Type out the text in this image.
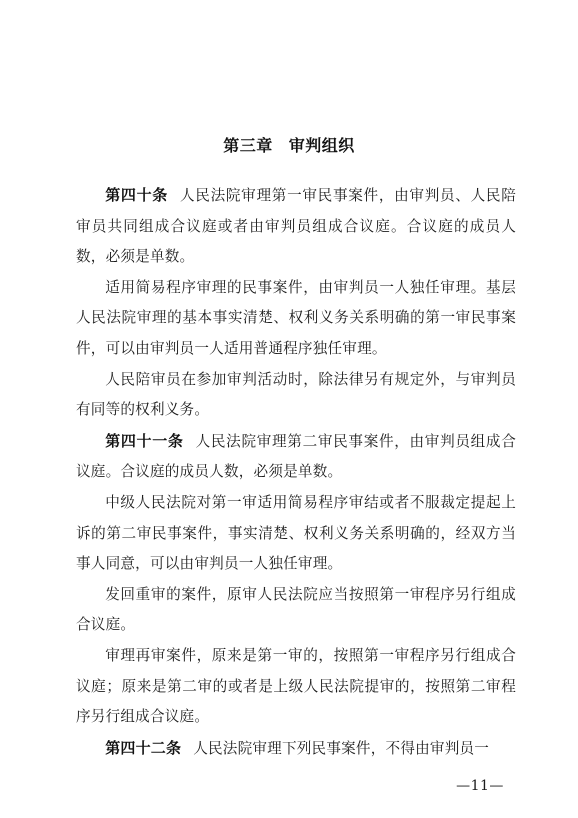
第三章 审判组织

第四十条 人民法院审理第一审民事案件，由审判员、人民陪审员共同组成合议庭或者由审判员组成合议庭。合议庭的成员人数，必须是单数。

适用简易程序审理的民事案件，由审判员一人独任审理。基层人民法院审理的基本事实清楚、权利义务关系明确的第一审民事案件，可以由审判员一人适用普通程序独任审理。

人民陪审员在参加审判活动时，除法律另有规定外，与审判员有同等的权利义务。

第四十一条 人民法院审理第二审民事案件，由审判员组成合议庭。合议庭的成员人数，必须是单数。

中级人民法院对第一审适用简易程序审结或者不服裁定提起上诉的第二审民事案件，事实清楚、权利义务关系明确的，经双方当事人同意，可以由审判员一人独任审理。

发回重审的案件，原审人民法院应当按照第一审程序另行组成合议庭。

审理再审案件，原来是第一审的，按照第一审程序另行组成合议庭；原来是第二审的或者是上级人民法院提审的，按照第二审程序另行组成合议庭。

第四十二条 人民法院审理下列民事案件，不得由审判员一

—11—
